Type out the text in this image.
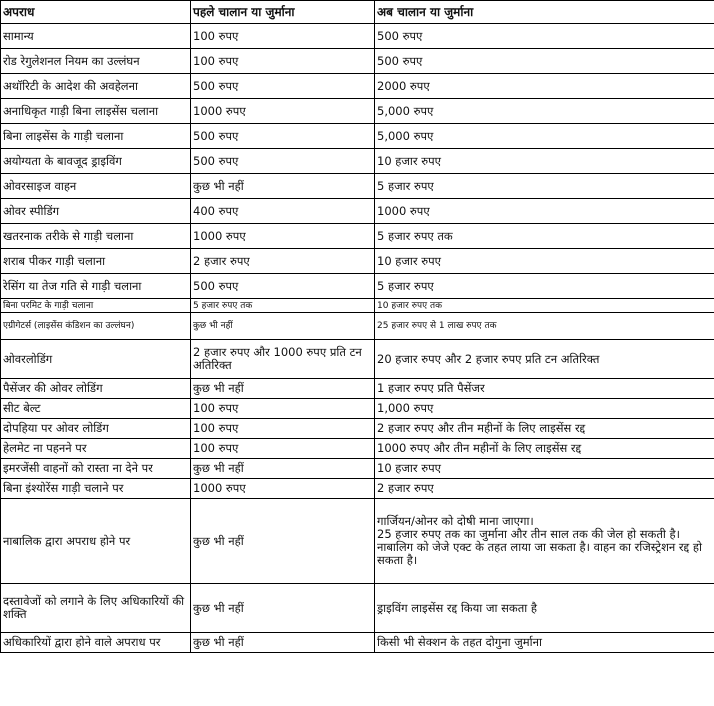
अपराध	पहले चालान या जुर्माना	अब चालान या जुर्माना
सामान्य	100 रुपए	500 रुपए
रोड रेगुलेशनल नियम का उल्लंघन	100 रुपए	500 रुपए
अथॉरिटी के आदेश की अवहेलना	500 रुपए	2000 रुपए
अनाधिकृत गाड़ी बिना लाइसेंस चलाना	1000 रुपए	5,000 रुपए
बिना लाइसेंस के गाड़ी चलाना	500 रुपए	5,000 रुपए
अयोग्यता के बावजूद ड्राइविंग	500 रुपए	10 हजार रुपए
ओवरसाइज वाहन	कुछ भी नहीं	5 हजार रुपए
ओवर स्पीडिंग	400 रुपए	1000 रुपए
खतरनाक तरीके से गाड़ी चलाना	1000 रुपए	5 हजार रुपए तक
शराब पीकर गाड़ी चलाना	2 हजार रुपए	10 हजार रुपए
रेसिंग या तेज गति से गाड़ी चलाना	500 रुपए	5 हजार रुपए
बिना परमिट के गाड़ी चलाना	5 हजार रुपए तक	10 हजार रुपए तक
एग्रीगेटर्स (लाइसेंस कंडिशन का उल्लंघन)	कुछ भी नहीं	25 हजार रुपए से 1 लाख रुपए तक
ओवरलोडिंग	2 हजार रुपए और 1000 रुपए प्रति टन अतिरिक्त	20 हजार रुपए और 2 हजार रुपए प्रति टन अतिरिक्त
पैसेंजर की ओवर लोडिंग	कुछ भी नहीं	1 हजार रुपए प्रति पैसेंजर
सीट बेल्ट	100 रुपए	1,000 रुपए
दोपहिया पर ओवर लोडिंग	100 रुपए	2 हजार रुपए और तीन महीनों के लिए लाइसेंस रद्द
हेलमेट ना पहनने पर	100 रुपए	1000 रुपए और तीन महीनों के लिए लाइसेंस रद्द
इमरजेंसी वाहनों को रास्ता ना देने पर	कुछ भी नहीं	10 हजार रुपए
बिना इंश्योरेंस गाड़ी चलाने पर	1000 रुपए	2 हजार रुपए
नाबालिक द्वारा अपराध होने पर	कुछ भी नहीं	गार्जियन/ओनर को दोषी माना जाएगा।
25 हजार रुपए तक का जुर्माना और तीन साल तक की जेल हो सकती है।
नाबालिग को जेजे एक्ट के तहत लाया जा सकता है। वाहन का रजिस्ट्रेशन रद्द हो सकता है।

दस्तावेजों को लगाने के लिए अधिकारियों की शक्ति	कुछ भी नहीं	ड्राइविंग लाइसेंस रद्द किया जा सकता है
अधिकारियों द्वारा होने वाले अपराध पर	कुछ भी नहीं	किसी भी सेक्शन के तहत दोगुना जुर्माना
